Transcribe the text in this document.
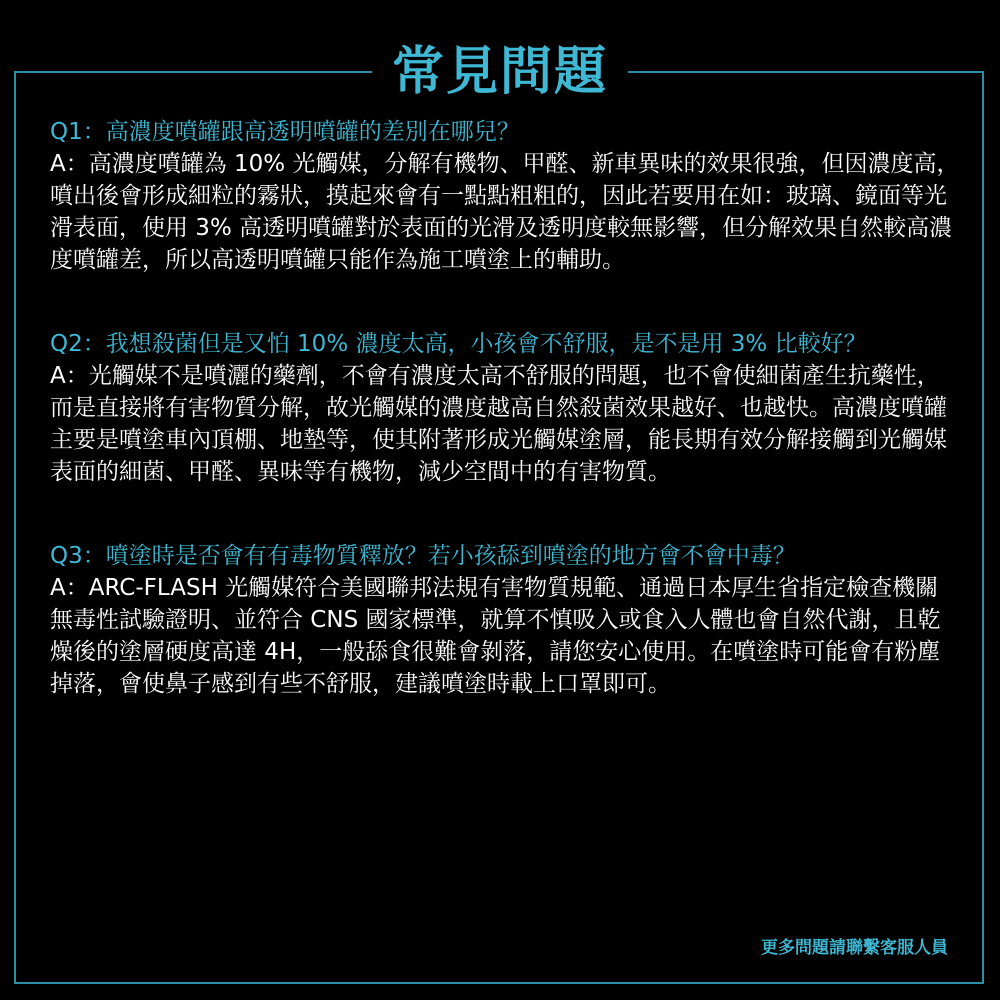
常見問題

Q1：高濃度噴罐跟高透明噴罐的差別在哪兒？

A：高濃度噴罐為 10% 光觸媒，分解有機物、甲醛、新車異味的效果很強，但因濃度高，噴出後會形成細粒的霧狀，摸起來會有一點點粗粗的，因此若要用在如：玻璃、鏡面等光滑表面，使用 3% 高透明噴罐對於表面的光滑及透明度較無影響，但分解效果自然較高濃度噴罐差，所以高透明噴罐只能作為施工噴塗上的輔助。

Q2：我想殺菌但是又怕 10% 濃度太高，小孩會不舒服，是不是用 3% 比較好？

A：光觸媒不是噴灑的藥劑，不會有濃度太高不舒服的問題，也不會使細菌產生抗藥性，而是直接將有害物質分解，故光觸媒的濃度越高自然殺菌效果越好、也越快。高濃度噴罐主要是噴塗車內頂棚、地墊等，使其附著形成光觸媒塗層，能長期有效分解接觸到光觸媒表面的細菌、甲醛、異味等有機物，減少空間中的有害物質。

Q3：噴塗時是否會有有毒物質釋放？若小孩舔到噴塗的地方會不會中毒？

A：ARC-FLASH 光觸媒符合美國聯邦法規有害物質規範、通過日本厚生省指定檢查機關無毒性試驗證明、並符合 CNS 國家標準，就算不慎吸入或食入人體也會自然代謝，且乾燥後的塗層硬度高達 4H，一般舔食很難會剝落，請您安心使用。在噴塗時可能會有粉塵掉落，會使鼻子感到有些不舒服，建議噴塗時載上口罩即可。

更多問題請聯繫客服人員
